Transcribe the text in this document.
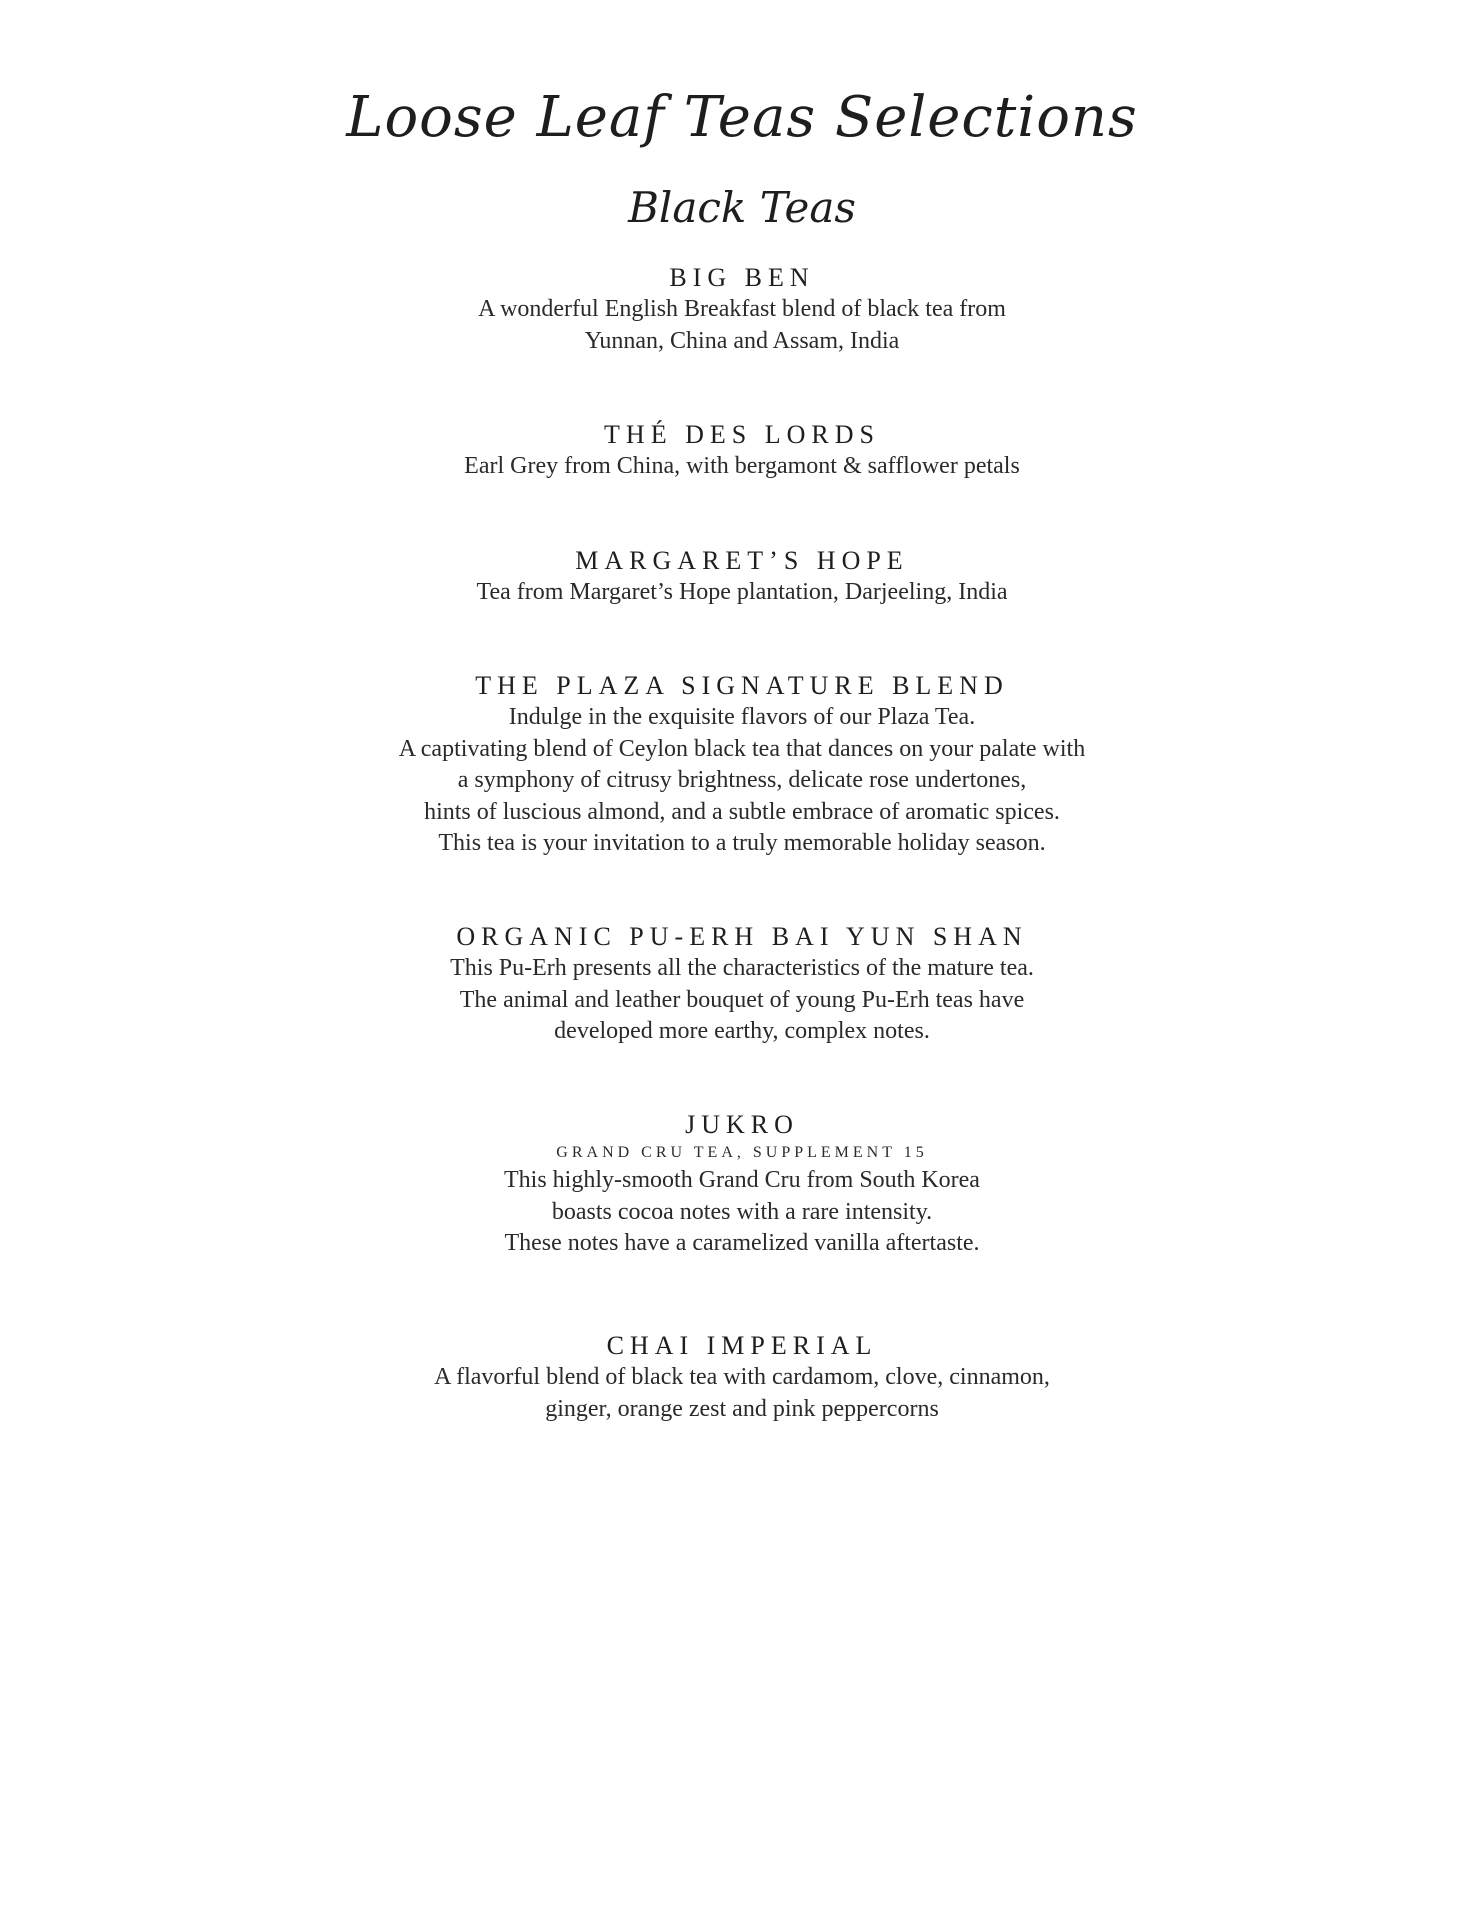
Loose Leaf Teas Selections
Black Teas
BIG BEN
A wonderful English Breakfast blend of black tea from
Yunnan, China and Assam, India
THÉ DES LORDS
Earl Grey from China, with bergamont & safflower petals
MARGARET’S HOPE
Tea from Margaret’s Hope plantation, Darjeeling, India
THE PLAZA SIGNATURE BLEND
Indulge in the exquisite flavors of our Plaza Tea.
A captivating blend of Ceylon black tea that dances on your palate with
a symphony of citrusy brightness, delicate rose undertones,
hints of luscious almond, and a subtle embrace of aromatic spices.
This tea is your invitation to a truly memorable holiday season.
ORGANIC PU-ERH BAI YUN SHAN
This Pu-Erh presents all the characteristics of the mature tea.
The animal and leather bouquet of young Pu-Erh teas have
developed more earthy, complex notes.
JUKRO
GRAND CRU TEA, SUPPLEMENT 15
This highly-smooth Grand Cru from South Korea
boasts cocoa notes with a rare intensity.
These notes have a caramelized vanilla aftertaste.
CHAI IMPERIAL
A flavorful blend of black tea with cardamom, clove, cinnamon,
ginger, orange zest and pink peppercorns
